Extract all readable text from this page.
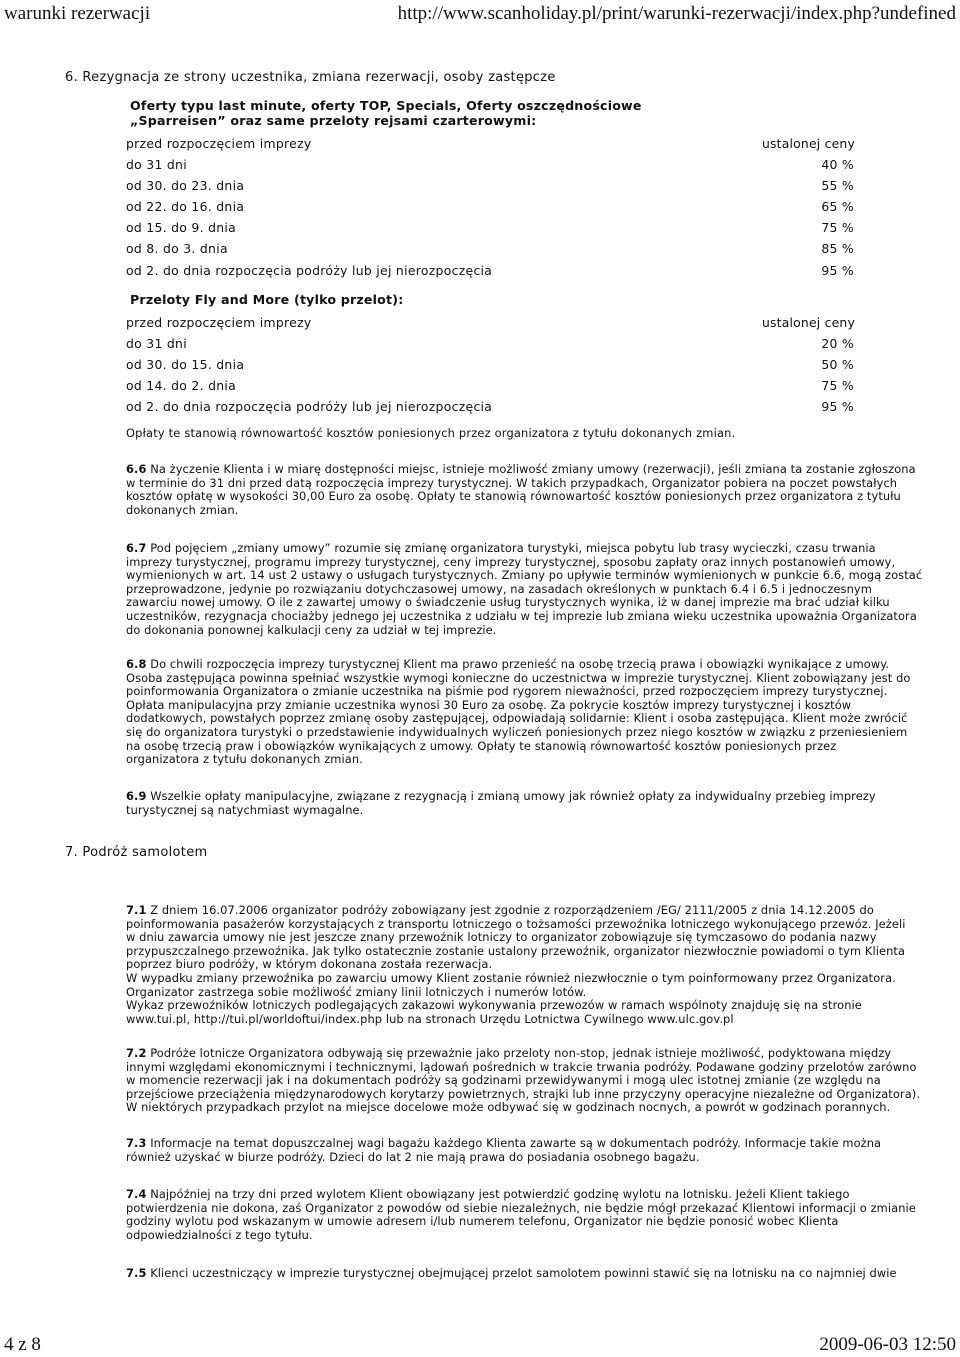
warunki rezerwacji	http://www.scanholiday.pl/print/warunki-rezerwacji/index.php?undefined
4 z 8	2009-06-03 12:50
6. Rezygnacja ze strony uczestnika, zmiana rezerwacji, osoby zastępcze
Oferty typu last minute, oferty TOP, Specials, Oferty oszczędnościowe
„Sparreisen” oraz same przeloty rejsami czarterowymi:
przed rozpoczęciem imprezy	ustalonej ceny
do 31 dni	40 %
od 30. do 23. dnia	55 %
od 22. do 16. dnia	65 %
od 15. do 9. dnia	75 %
od 8. do 3. dnia	85 %
od 2. do dnia rozpoczęcia podróży lub jej nierozpoczęcia	95 %
Przeloty Fly and More (tylko przelot):
przed rozpoczęciem imprezy	ustalonej ceny
do 31 dni	20 %
od 30. do 15. dnia	50 %
od 14. do 2. dnia	75 %
od 2. do dnia rozpoczęcia podróży lub jej nierozpoczęcia	95 %
Opłaty te stanowią równowartość kosztów poniesionych przez organizatora z tytułu dokonanych zmian.

6.6 Na życzenie Klienta i w miarę dostępności miejsc, istnieje możliwość zmiany umowy (rezerwacji), jeśli zmiana ta zostanie zgłoszona

w terminie do 31 dni przed datą rozpoczęcia imprezy turystycznej. W takich przypadkach, Organizator pobiera na poczet powstałych

kosztów opłatę w wysokości 30,00 Euro za osobę. Opłaty te stanowią równowartość kosztów poniesionych przez organizatora z tytułu

dokonanych zmian.

6.7 Pod pojęciem „zmiany umowy” rozumie się zmianę organizatora turystyki, miejsca pobytu lub trasy wycieczki, czasu trwania

imprezy turystycznej, programu imprezy turystycznej, ceny imprezy turystycznej, sposobu zapłaty oraz innych postanowień umowy,

wymienionych w art. 14 ust 2 ustawy o usługach turystycznych. Zmiany po upływie terminów wymienionych w punkcie 6.6, mogą zostać

przeprowadzone, jedynie po rozwiązaniu dotychczasowej umowy, na zasadach określonych w punktach 6.4 i 6.5 i jednoczesnym

zawarciu nowej umowy. O ile z zawartej umowy o świadczenie usług turystycznych wynika, iż w danej imprezie ma brać udział kilku

uczestników, rezygnacja chociażby jednego jej uczestnika z udziału w tej imprezie lub zmiana wieku uczestnika upoważnia Organizatora

do dokonania ponownej kalkulacji ceny za udział w tej imprezie.

6.8 Do chwili rozpoczęcia imprezy turystycznej Klient ma prawo przenieść na osobę trzecią prawa i obowiązki wynikające z umowy.

Osoba zastępująca powinna spełniać wszystkie wymogi konieczne do uczestnictwa w imprezie turystycznej. Klient zobowiązany jest do

poinformowania Organizatora o zmianie uczestnika na piśmie pod rygorem nieważności, przed rozpoczęciem imprezy turystycznej.

Opłata manipulacyjna przy zmianie uczestnika wynosi 30 Euro za osobę. Za pokrycie kosztów imprezy turystycznej i kosztów

dodatkowych, powstałych poprzez zmianę osoby zastępującej, odpowiadają solidarnie: Klient i osoba zastępująca. Klient może zwrócić

się do organizatora turystyki o przedstawienie indywidualnych wyliczeń poniesionych przez niego kosztów w związku z przeniesieniem

na osobę trzecią praw i obowiązków wynikających z umowy. Opłaty te stanowią równowartość kosztów poniesionych przez

organizatora z tytułu dokonanych zmian.

6.9 Wszelkie opłaty manipulacyjne, związane z rezygnacją i zmianą umowy jak również opłaty za indywidualny przebieg imprezy

turystycznej są natychmiast wymagalne.

7. Podróż samolotem

7.1 Z dniem 16.07.2006 organizator podróży zobowiązany jest zgodnie z rozporządzeniem /EG/ 2111/2005 z dnia 14.12.2005 do

poinformowania pasażerów korzystających z transportu lotniczego o tożsamości przewoźnika lotniczego wykonującego przewóz. Jeżeli

w dniu zawarcia umowy nie jest jeszcze znany przewoźnik lotniczy to organizator zobowiązuje się tymczasowo do podania nazwy

przypuszczalnego przewoźnika. Jak tylko ostatecznie zostanie ustalony przewoźnik, organizator niezwłocznie powiadomi o tym Klienta

poprzez biuro podróży, w którym dokonana została rezerwacja.

W wypadku zmiany przewoźnika po zawarciu umowy Klient zostanie również niezwłocznie o tym poinformowany przez Organizatora.

Organizator zastrzega sobie możliwość zmiany linii lotniczych i numerów lotów.

Wykaz przewoźników lotniczych podlegających zakazowi wykonywania przewozów w ramach wspólnoty znajduję się na stronie

www.tui.pl, http://tui.pl/worldoftui/index.php lub na stronach Urzędu Lotnictwa Cywilnego www.ulc.gov.pl

7.2 Podróże lotnicze Organizatora odbywają się przeważnie jako przeloty non-stop, jednak istnieje możliwość, podyktowana między

innymi względami ekonomicznymi i technicznymi, lądowań pośrednich w trakcie trwania podróży. Podawane godziny przelotów zarówno

w momencie rezerwacji jak i na dokumentach podróży są godzinami przewidywanymi i mogą ulec istotnej zmianie (ze względu na

przejściowe przeciążenia międzynarodowych korytarzy powietrznych, strajki lub inne przyczyny operacyjne niezależne od Organizatora).

W niektórych przypadkach przylot na miejsce docelowe może odbywać się w godzinach nocnych, a powrót w godzinach porannych.

7.3 Informacje na temat dopuszczalnej wagi bagażu każdego Klienta zawarte są w dokumentach podróży. Informacje takie można

również uzyskać w biurze podróży. Dzieci do lat 2 nie mają prawa do posiadania osobnego bagażu.

7.4 Najpóźniej na trzy dni przed wylotem Klient obowiązany jest potwierdzić godzinę wylotu na lotnisku. Jeżeli Klient takiego

potwierdzenia nie dokona, zaś Organizator z powodów od siebie niezależnych, nie będzie mógł przekazać Klientowi informacji o zmianie

godziny wylotu pod wskazanym w umowie adresem i/lub numerem telefonu, Organizator nie będzie ponosić wobec Klienta

odpowiedzialności z tego tytułu.

7.5 Klienci uczestniczący w imprezie turystycznej obejmującej przelot samolotem powinni stawić się na lotnisku na co najmniej dwie
